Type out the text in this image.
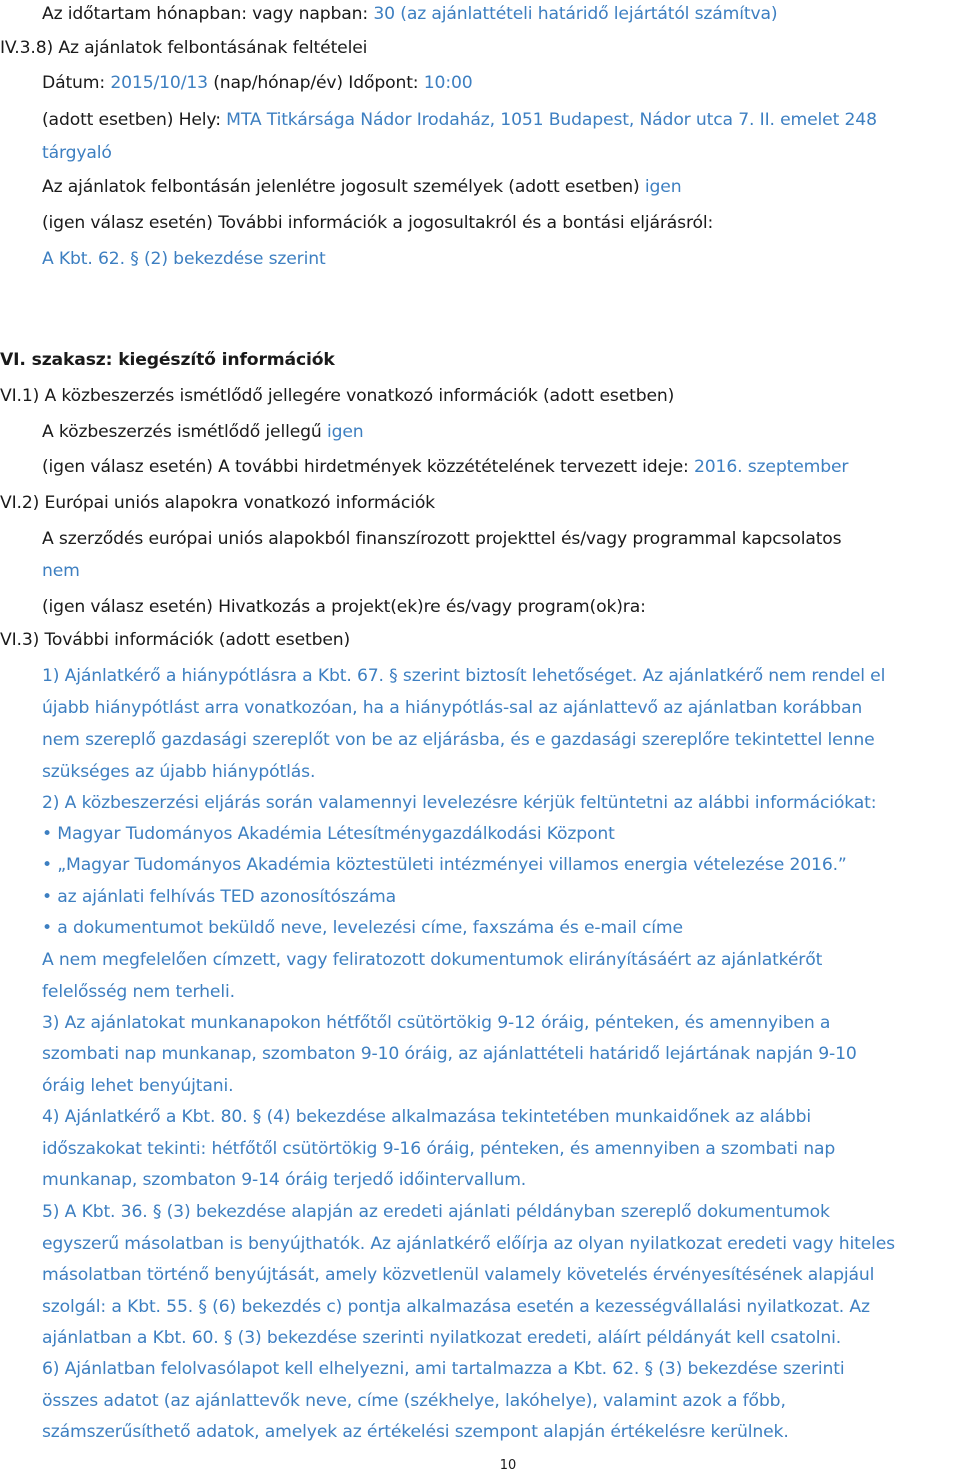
Az időtartam hónapban: vagy napban: 30 (az ajánlattételi határidő lejártától számítva)
IV.3.8) Az ajánlatok felbontásának feltételei
Dátum: 2015/10/13 (nap/hónap/év) Időpont: 10:00
(adott esetben) Hely: MTA Titkársága Nádor Irodaház, 1051 Budapest, Nádor utca 7. II. emelet 248
tárgyaló
Az ajánlatok felbontásán jelenlétre jogosult személyek (adott esetben) igen
(igen válasz esetén) További információk a jogosultakról és a bontási eljárásról:
A Kbt. 62. § (2) bekezdése szerint
VI. szakasz: kiegészítő információk
VI.1) A közbeszerzés ismétlődő jellegére vonatkozó információk (adott esetben)
A közbeszerzés ismétlődő jellegű igen
(igen válasz esetén) A további hirdetmények közzétételének tervezett ideje: 2016. szeptember
VI.2) Európai uniós alapokra vonatkozó információk
A szerződés európai uniós alapokból finanszírozott projekttel és/vagy programmal kapcsolatos
nem
(igen válasz esetén) Hivatkozás a projekt(ek)re és/vagy program(ok)ra:
VI.3) További információk (adott esetben)
1) Ajánlatkérő a hiánypótlásra a Kbt. 67. § szerint biztosít lehetőséget. Az ajánlatkérő nem rendel el
újabb hiánypótlást arra vonatkozóan, ha a hiánypótlás-sal az ajánlattevő az ajánlatban korábban
nem szereplő gazdasági szereplőt von be az eljárásba, és e gazdasági szereplőre tekintettel lenne
szükséges az újabb hiánypótlás.
2) A közbeszerzési eljárás során valamennyi levelezésre kérjük feltüntetni az alábbi információkat:
• Magyar Tudományos Akadémia Létesítménygazdálkodási Központ
• „Magyar Tudományos Akadémia köztestületi intézményei villamos energia vételezése 2016.”
• az ajánlati felhívás TED azonosítószáma
• a dokumentumot beküldő neve, levelezési címe, faxszáma és e-mail címe
A nem megfelelően címzett, vagy feliratozott dokumentumok elirányításáért az ajánlatkérőt
felelősség nem terheli.
3) Az ajánlatokat munkanapokon hétfőtől csütörtökig 9-12 óráig, pénteken, és amennyiben a
szombati nap munkanap, szombaton 9-10 óráig, az ajánlattételi határidő lejártának napján 9-10
óráig lehet benyújtani.
4) Ajánlatkérő a Kbt. 80. § (4) bekezdése alkalmazása tekintetében munkaidőnek az alábbi
időszakokat tekinti: hétfőtől csütörtökig 9-16 óráig, pénteken, és amennyiben a szombati nap
munkanap, szombaton 9-14 óráig terjedő időintervallum.
5) A Kbt. 36. § (3) bekezdése alapján az eredeti ajánlati példányban szereplő dokumentumok
egyszerű másolatban is benyújthatók. Az ajánlatkérő előírja az olyan nyilatkozat eredeti vagy hiteles
másolatban történő benyújtását, amely közvetlenül valamely követelés érvényesítésének alapjául
szolgál: a Kbt. 55. § (6) bekezdés c) pontja alkalmazása esetén a kezességvállalási nyilatkozat. Az
ajánlatban a Kbt. 60. § (3) bekezdése szerinti nyilatkozat eredeti, aláírt példányát kell csatolni.
6) Ajánlatban felolvasólapot kell elhelyezni, ami tartalmazza a Kbt. 62. § (3) bekezdése szerinti
összes adatot (az ajánlattevők neve, címe (székhelye, lakóhelye), valamint azok a főbb,
számszerűsíthető adatok, amelyek az értékelési szempont alapján értékelésre kerülnek.
10
